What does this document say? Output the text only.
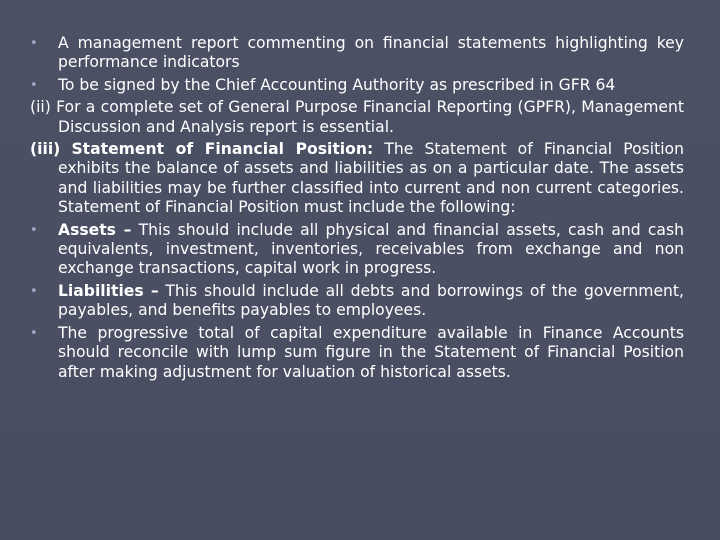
•	A management report commenting on financial statements highlighting key performance indicators
•	To be signed by the Chief Accounting Authority as prescribed in GFR 64
(ii) For a complete set of General Purpose Financial Reporting (GPFR), Management Discussion and Analysis report is essential.
(iii) Statement of Financial Position: The Statement of Financial Position exhibits the balance of assets and liabilities as on a particular date. The assets and liabilities may be further classified into current and non current categories. Statement of Financial Position must include the following:
•	Assets – This should include all physical and financial assets, cash and cash equivalents, investment, inventories, receivables from exchange and non exchange transactions, capital work in progress.
•	Liabilities – This should include all debts and borrowings of the government, payables, and benefits payables to employees.
•	The progressive total of capital expenditure available in Finance Accounts should reconcile with lump sum figure in the Statement of Financial Position after making adjustment for valuation of historical assets.
